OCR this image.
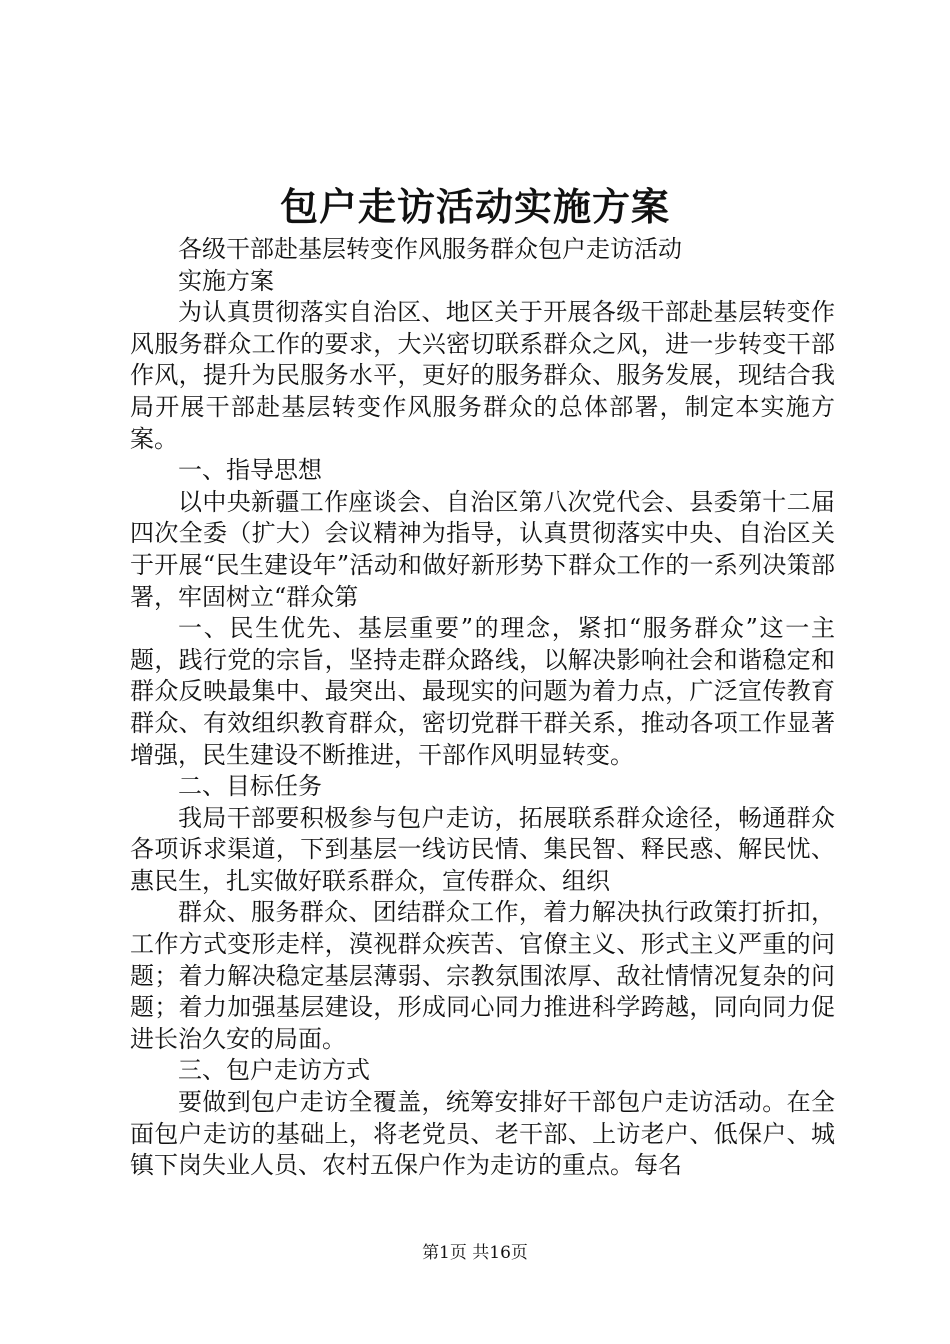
包户走访活动实施方案

各级干部赴基层转变作风服务群众包户走访活动

实施方案

为认真贯彻落实自治区、地区关于开展各级干部赴基层转变作风服务群众工作的要求，大兴密切联系群众之风，进一步转变干部作风，提升为民服务水平，更好的服务群众、服务发展，现结合我局开展干部赴基层转变作风服务群众的总体部署，制定本实施方案。

一、指导思想

以中央新疆工作座谈会、自治区第八次党代会、县委第十二届四次全委（扩大）会议精神为指导，认真贯彻落实中央、自治区关于开展“民生建设年”活动和做好新形势下群众工作的一系列决策部署，牢固树立“群众第

一、民生优先、基层重要”的理念，紧扣“服务群众”这一主题，践行党的宗旨，坚持走群众路线，以解决影响社会和谐稳定和群众反映最集中、最突出、最现实的问题为着力点，广泛宣传教育群众、有效组织教育群众，密切党群干群关系，推动各项工作显著增强，民生建设不断推进，干部作风明显转变。

二、目标任务

我局干部要积极参与包户走访，拓展联系群众途径，畅通群众各项诉求渠道，下到基层一线访民情、集民智、释民惑、解民忧、惠民生，扎实做好联系群众，宣传群众、组织

群众、服务群众、团结群众工作，着力解决执行政策打折扣，工作方式变形走样，漠视群众疾苦、官僚主义、形式主义严重的问题；着力解决稳定基层薄弱、宗教氛围浓厚、敌社情情况复杂的问题；着力加强基层建设，形成同心同力推进科学跨越，同向同力促进长治久安的局面。

三、包户走访方式

要做到包户走访全覆盖，统筹安排好干部包户走访活动。在全面包户走访的基础上，将老党员、老干部、上访老户、低保户、城镇下岗失业人员、农村五保户作为走访的重点。每名

第1页 共16页
